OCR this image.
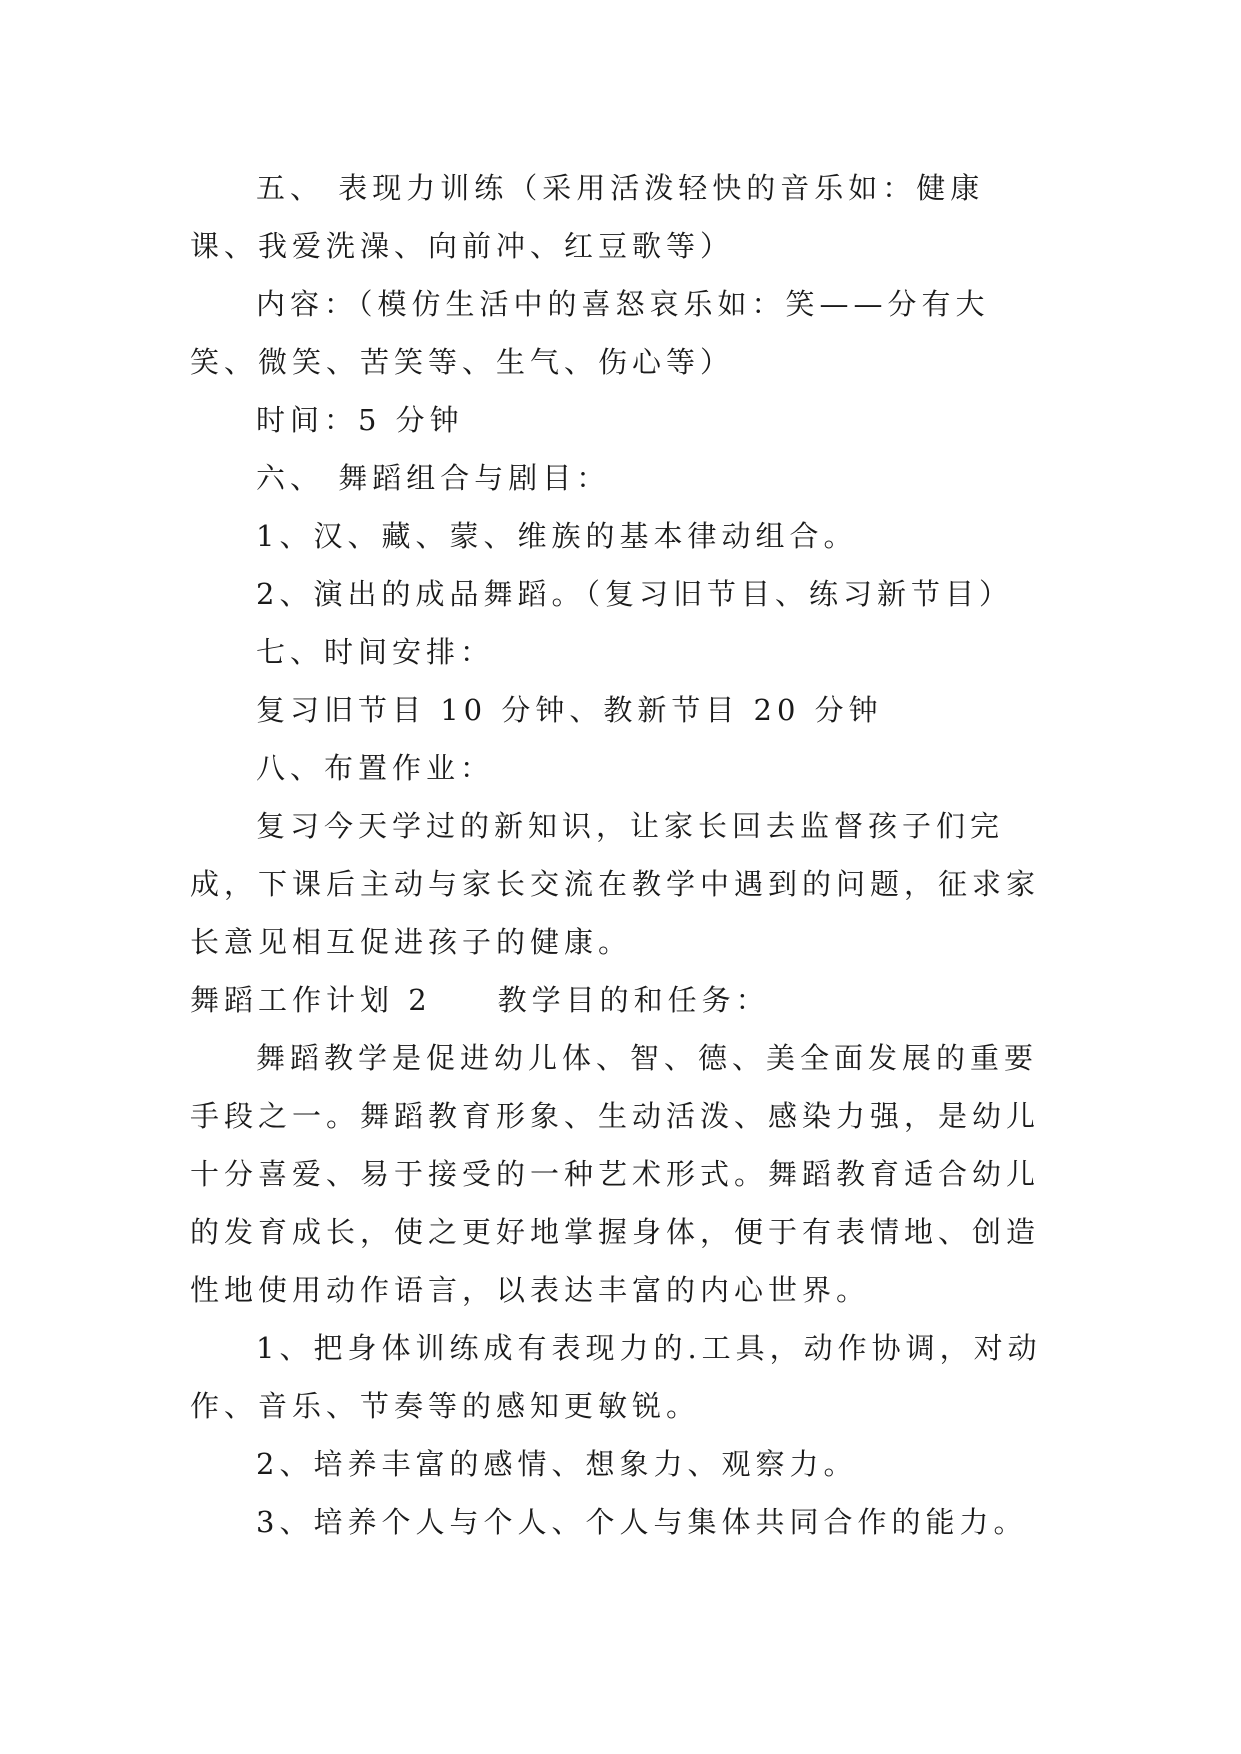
五、 表现力训练（采用活泼轻快的音乐如：健康课、我爱洗澡、向前冲、红豆歌等）

内容：（模仿生活中的喜怒哀乐如：笑——分有大笑、微笑、苦笑等、生气、伤心等）

时间：5 分钟

六、 舞蹈组合与剧目：

1、汉、藏、蒙、维族的基本律动组合。

2、演出的成品舞蹈。（复习旧节目、练习新节目）

七、时间安排：

复习旧节目 10 分钟、教新节目 20 分钟

八、布置作业：

复习今天学过的新知识，让家长回去监督孩子们完成，下课后主动与家长交流在教学中遇到的问题，征求家长意见相互促进孩子的健康。

舞蹈工作计划 2 教学目的和任务：

舞蹈教学是促进幼儿体、智、德、美全面发展的重要手段之一。舞蹈教育形象、生动活泼、感染力强，是幼儿十分喜爱、易于接受的一种艺术形式。舞蹈教育适合幼儿的发育成长，使之更好地掌握身体，便于有表情地、创造性地使用动作语言，以表达丰富的内心世界。

1、把身体训练成有表现力的.工具，动作协调，对动作、音乐、节奏等的感知更敏锐。

2、培养丰富的感情、想象力、观察力。

3、培养个人与个人、个人与集体共同合作的能力。
